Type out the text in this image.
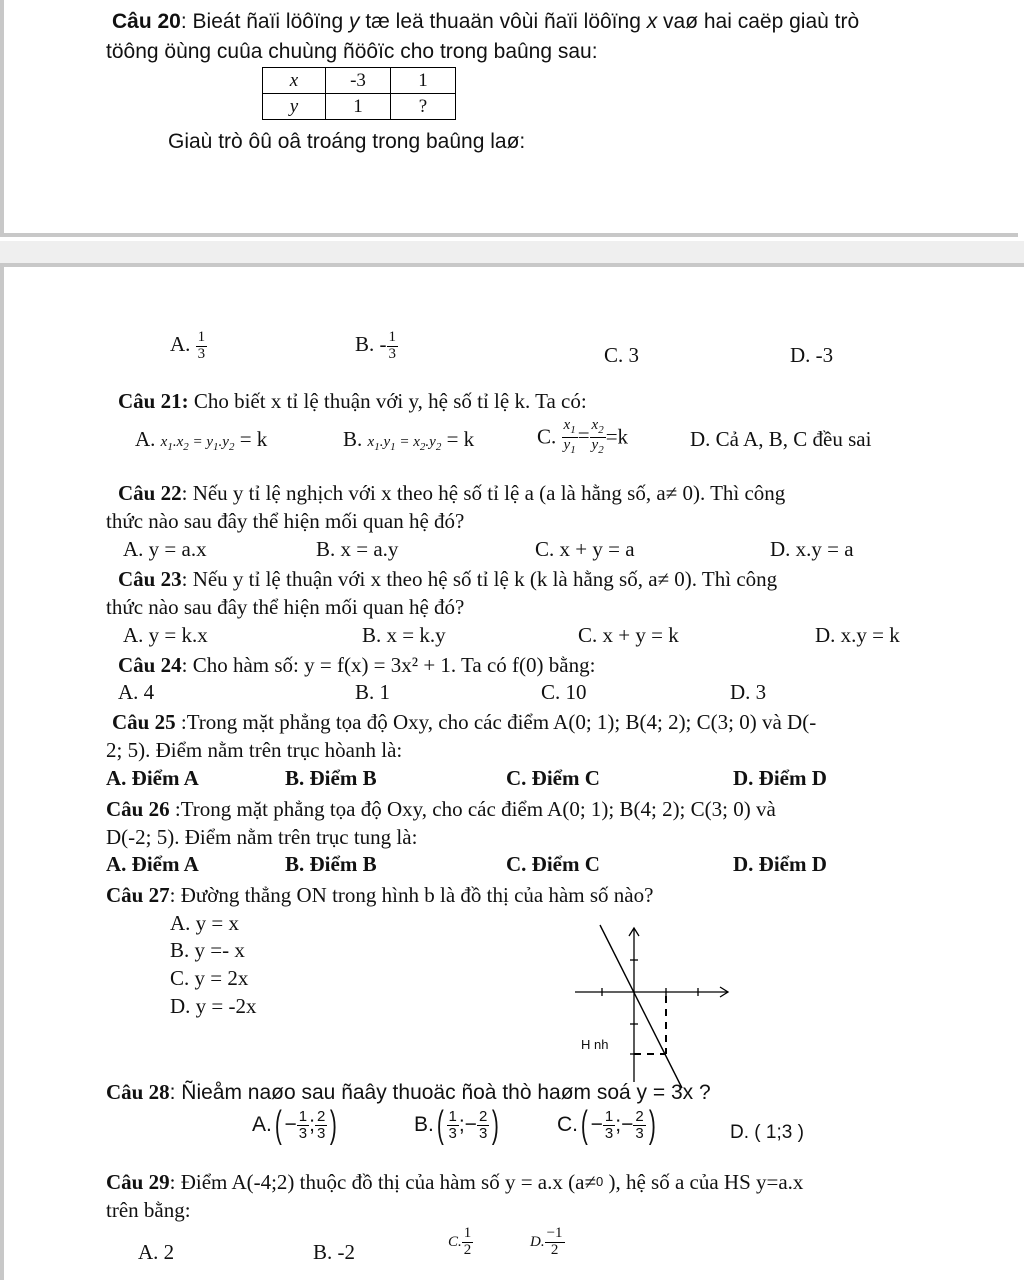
Câu 20: Bieát ñaïi löôïng y tæ leä thuaän vôùi ñaïi löôïng x vaø hai caëp giaù trò
töông öùng cuûa chuùng ñöôïc cho trong baûng sau:
x	-3	1
y	1	?
Giaù trò ôû oâ troáng trong baûng laø:
A. $\frac{1}{3}$	B. - $\frac{1}{3}$	C. 3	D. -3
Câu 21: Cho biết x tỉ lệ thuận với y, hệ số tỉ lệ k. Ta có:
A. $x_1.x_2 = y_1.y_2 = k$	B. $x_1.y_1 = x_2.y_2 = k$	C. $\frac{x_1}{y_1} = \frac{x_2}{y_2} =k$	D. Cả A, B, C đều sai
Câu 22: Nếu y tỉ lệ nghịch với x theo hệ số tỉ lệ a (a là hằng số, a≠ 0). Thì công
thức nào sau đây thể hiện mối quan hệ đó?
A. y = a.x	B. x = a.y	C. x + y = a	D. x.y = a
Câu 23: Nếu y tỉ lệ thuận với x theo hệ số tỉ lệ k (k là hằng số, a≠ 0). Thì công
thức nào sau đây thể hiện mối quan hệ đó?
A. y = k.x	B. x = k.y	C. x + y = k	D. x.y = k
Câu 24: Cho hàm số: y = f(x) = 3x² + 1. Ta có f(0) bằng:
A. 4	B. 1	C. 10	D. 3
Câu 25 :Trong mặt phẳng tọa độ Oxy, cho các điểm A(0; 1); B(4; 2); C(3; 0) và D(-
2; 5). Điểm nằm trên trục hòanh là:
A. Điểm A	B. Điểm B	C. Điểm C	D. Điểm D
Câu 26 :Trong mặt phẳng tọa độ Oxy, cho các điểm A(0; 1); B(4; 2); C(3; 0) và
D(-2; 5). Điểm nằm trên trục tung là:
A. Điểm A	B. Điểm B	C. Điểm C	D. Điểm D
Câu 27: Đường thẳng ON trong hình b là đồ thị của hàm số nào?
A. y = x
B. y =- x
C. y = 2x
D. y = -2x
H nh
Câu 28: Ñieåm naøo sau ñaây thuoäc ñoà thò haøm soá y = 3x ?
$A.( - \frac{1}{3}$ ; $\frac{2}{3}$ )	$B.( \frac{1}{3}$ ;− $\frac{2}{3}$ )	$C.( - \frac{1}{3}$ ;− $\frac{2}{3}$ )	D. ( 1;3 )
Câu 29: Điểm A(-4;2) thuộc đồ thị của hàm số y = a.x (a≠0 ), hệ số a của HS y=a.x
trên bằng:
A. 2	B. -2	C. $\frac{1}{2}$	D. $\frac{-1}{2}$
